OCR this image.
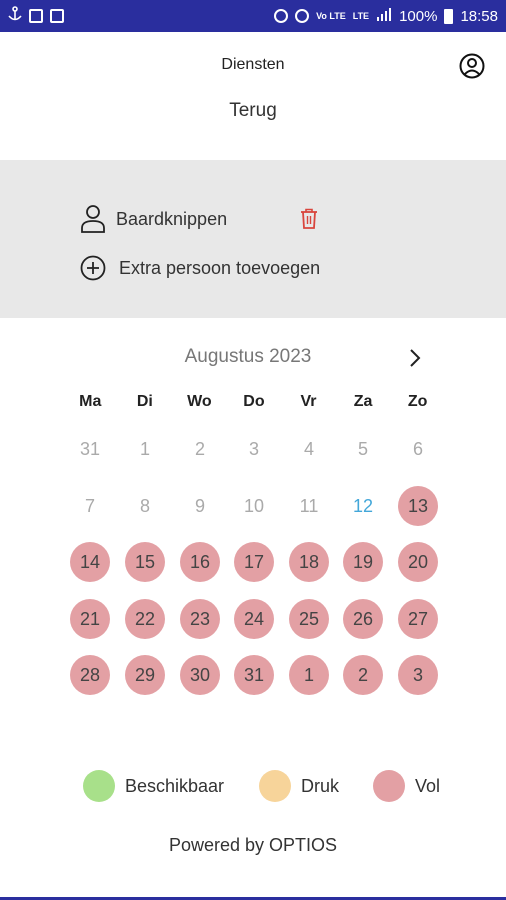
Vo LTE LTE 100% 18:58
Diensten
Terug
Baardknippen
Extra persoon toevoegen
Augustus 2023
Ma	Di	Wo	Do	Vr	Za	Zo
31	1	2	3	4	5	6
7	8	9	10	11	12	13
14	15	16	17	18	19	20
21	22	23	24	25	26	27
28	29	30	31	1	2	3
Beschikbaar	Druk	Vol
Powered by OPTIOS
